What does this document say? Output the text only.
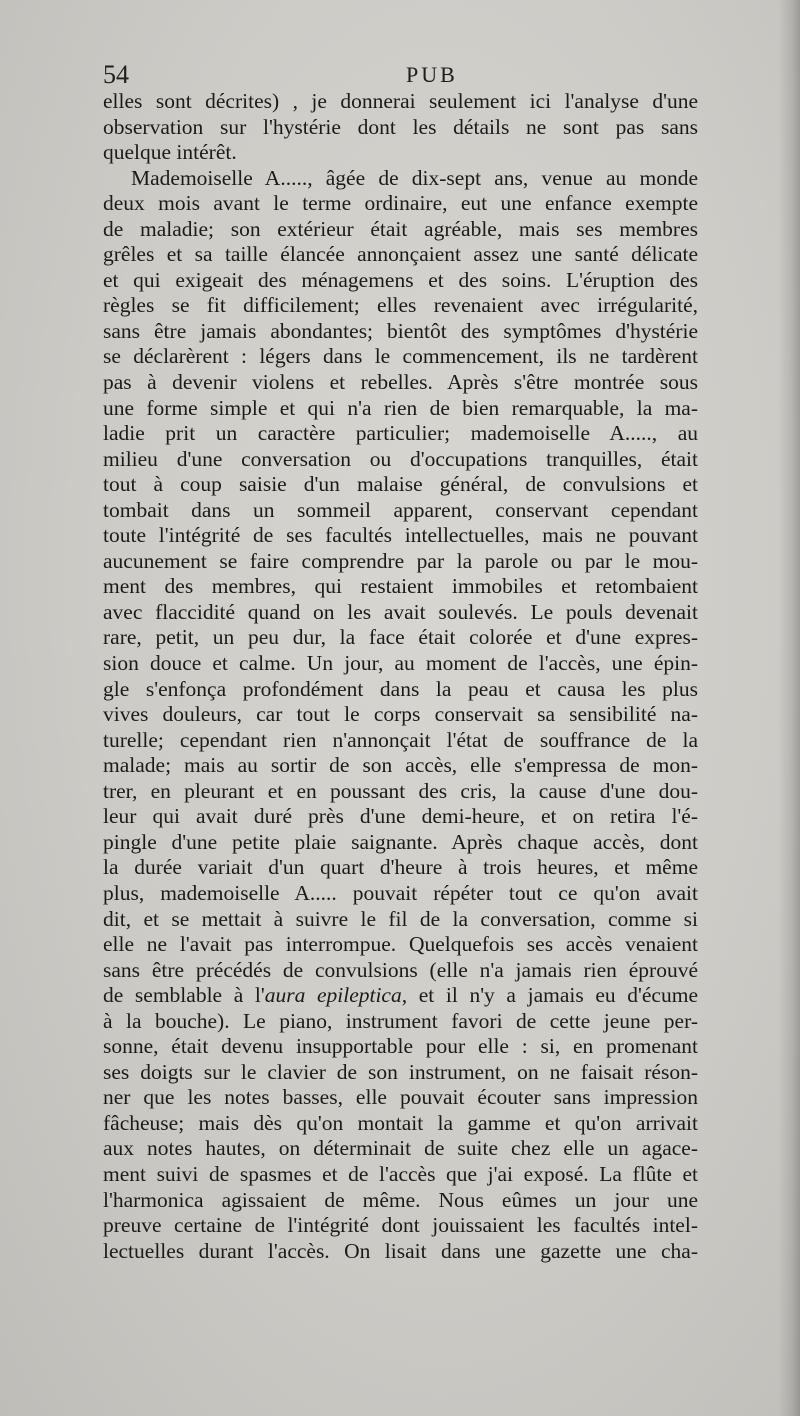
54	PUB
elles sont décrites) , je donnerai seulement ici l'analyse d'une
observation sur l'hystérie dont les détails ne sont pas sans
quelque intérêt.
Mademoiselle A....., âgée de dix-sept ans, venue au monde
deux mois avant le terme ordinaire, eut une enfance exempte
de maladie; son extérieur était agréable, mais ses membres
grêles et sa taille élancée annonçaient assez une santé délicate
et qui exigeait des ménagemens et des soins. L'éruption des
règles se fit difficilement; elles revenaient avec irrégularité,
sans être jamais abondantes; bientôt des symptômes d'hystérie
se déclarèrent : légers dans le commencement, ils ne tardèrent
pas à devenir violens et rebelles. Après s'être montrée sous
une forme simple et qui n'a rien de bien remarquable, la ma-
ladie prit un caractère particulier; mademoiselle A....., au
milieu d'une conversation ou d'occupations tranquilles, était
tout à coup saisie d'un malaise général, de convulsions et
tombait dans un sommeil apparent, conservant cependant
toute l'intégrité de ses facultés intellectuelles, mais ne pouvant
aucunement se faire comprendre par la parole ou par le mou-
ment des membres, qui restaient immobiles et retombaient
avec flaccidité quand on les avait soulevés. Le pouls devenait
rare, petit, un peu dur, la face était colorée et d'une expres-
sion douce et calme. Un jour, au moment de l'accès, une épin-
gle s'enfonça profondément dans la peau et causa les plus
vives douleurs, car tout le corps conservait sa sensibilité na-
turelle; cependant rien n'annonçait l'état de souffrance de la
malade; mais au sortir de son accès, elle s'empressa de mon-
trer, en pleurant et en poussant des cris, la cause d'une dou-
leur qui avait duré près d'une demi-heure, et on retira l'é-
pingle d'une petite plaie saignante. Après chaque accès, dont
la durée variait d'un quart d'heure à trois heures, et même
plus, mademoiselle A..... pouvait répéter tout ce qu'on avait
dit, et se mettait à suivre le fil de la conversation, comme si
elle ne l'avait pas interrompue. Quelquefois ses accès venaient
sans être précédés de convulsions (elle n'a jamais rien éprouvé
de semblable à l'aura epileptica, et il n'y a jamais eu d'écume
à la bouche). Le piano, instrument favori de cette jeune per-
sonne, était devenu insupportable pour elle : si, en promenant
ses doigts sur le clavier de son instrument, on ne faisait réson-
ner que les notes basses, elle pouvait écouter sans impression
fâcheuse; mais dès qu'on montait la gamme et qu'on arrivait
aux notes hautes, on déterminait de suite chez elle un agace-
ment suivi de spasmes et de l'accès que j'ai exposé. La flûte et
l'harmonica agissaient de même. Nous eûmes un jour une
preuve certaine de l'intégrité dont jouissaient les facultés intel-
lectuelles durant l'accès. On lisait dans une gazette une cha-
